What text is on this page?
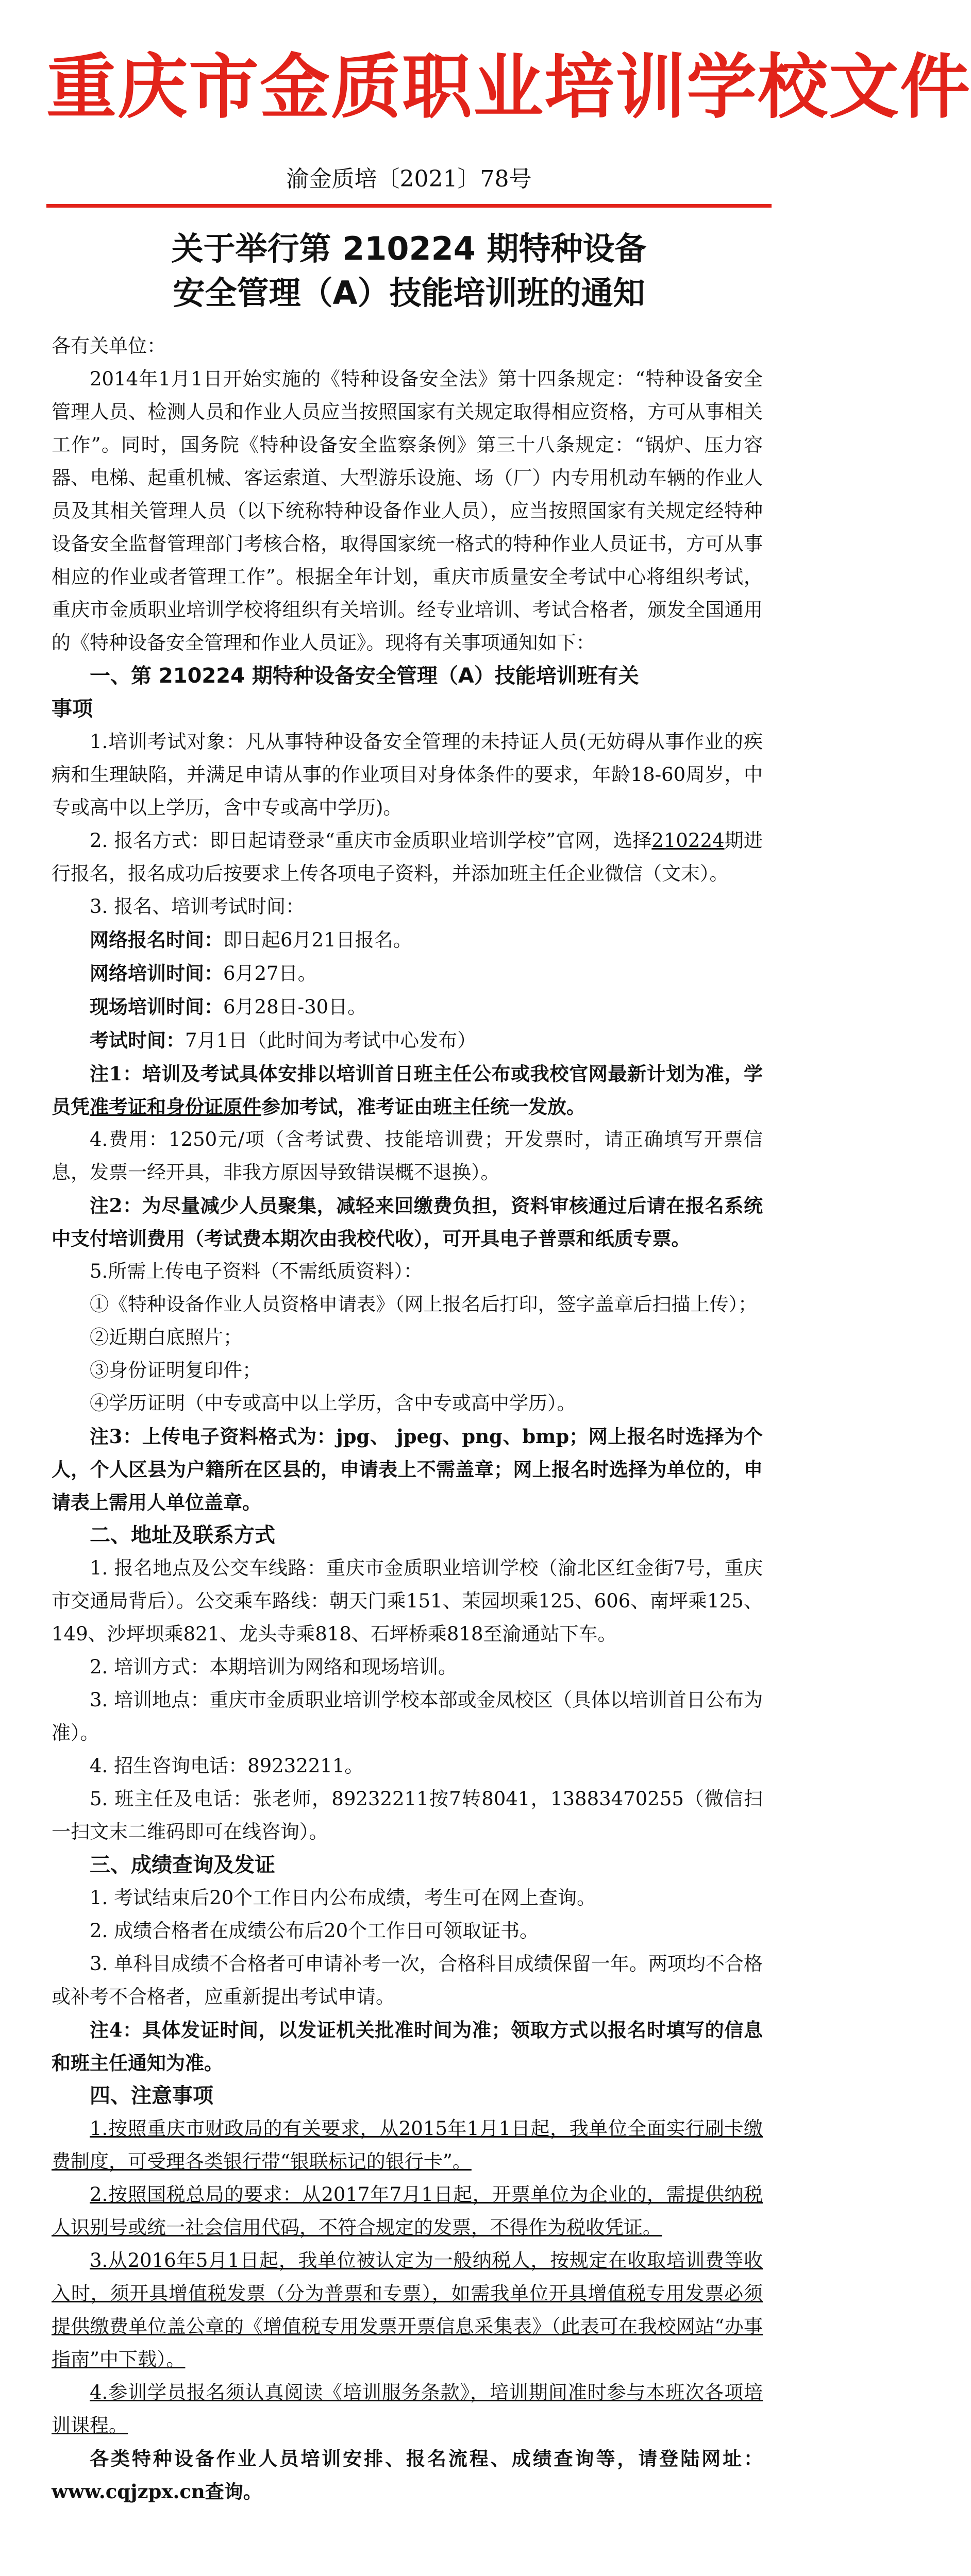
重庆市金质职业培训学校文件
渝金质培〔2021〕78号
关于举行第 210224 期特种设备
安全管理（A）技能培训班的通知

各有关单位：

2014年1月1日开始实施的《特种设备安全法》第十四条规定：“特种设备安全管理人员、检测人员和作业人员应当按照国家有关规定取得相应资格，方可从事相关工作”。同时，国务院《特种设备安全监察条例》第三十八条规定：“锅炉、压力容器、电梯、起重机械、客运索道、大型游乐设施、场（厂）内专用机动车辆的作业人员及其相关管理人员（以下统称特种设备作业人员），应当按照国家有关规定经特种设备安全监督管理部门考核合格，取得国家统一格式的特种作业人员证书，方可从事相应的作业或者管理工作”。根据全年计划，重庆市质量安全考试中心将组织考试，重庆市金质职业培训学校将组织有关培训。经专业培训、考试合格者，颁发全国通用的《特种设备安全管理和作业人员证》。现将有关事项通知如下：

一、第 210224 期特种设备安全管理（A）技能培训班有关

事项

1.培训考试对象：凡从事特种设备安全管理的未持证人员(无妨碍从事作业的疾病和生理缺陷，并满足申请从事的作业项目对身体条件的要求，年龄18-60周岁，中专或高中以上学历，含中专或高中学历)。

2. 报名方式：即日起请登录“重庆市金质职业培训学校”官网，选择210224期进行报名，报名成功后按要求上传各项电子资料，并添加班主任企业微信（文末）。

3. 报名、培训考试时间：

网络报名时间：即日起6月21日报名。

网络培训时间：6月27日。

现场培训时间：6月28日-30日。

考试时间：7月1日（此时间为考试中心发布）

注1：培训及考试具体安排以培训首日班主任公布或我校官网最新计划为准，学员凭准考证和身份证原件参加考试，准考证由班主任统一发放。

4.费用：1250元/项（含考试费、技能培训费；开发票时，请正确填写开票信息，发票一经开具，非我方原因导致错误概不退换）。

注2：为尽量减少人员聚集，减轻来回缴费负担，资料审核通过后请在报名系统中支付培训费用（考试费本期次由我校代收），可开具电子普票和纸质专票。

5.所需上传电子资料（不需纸质资料）：

①《特种设备作业人员资格申请表》（网上报名后打印，签字盖章后扫描上传）；

②近期白底照片；

③身份证明复印件；

④学历证明（中专或高中以上学历，含中专或高中学历）。

注3：上传电子资料格式为：jpg、 jpeg、png、bmp；网上报名时选择为个人，个人区县为户籍所在区县的，申请表上不需盖章；网上报名时选择为单位的，申请表上需用人单位盖章。

二、地址及联系方式

1. 报名地点及公交车线路：重庆市金质职业培训学校（渝北区红金街7号，重庆市交通局背后）。公交乘车路线：朝天门乘151、茉园坝乘125、606、南坪乘125、149、沙坪坝乘821、龙头寺乘818、石坪桥乘818至渝通站下车。

2. 培训方式：本期培训为网络和现场培训。

3. 培训地点：重庆市金质职业培训学校本部或金凤校区（具体以培训首日公布为准）。

4. 招生咨询电话：89232211。

5. 班主任及电话：张老师，89232211按7转8041，13883470255（微信扫一扫文末二维码即可在线咨询）。

三、成绩查询及发证

1. 考试结束后20个工作日内公布成绩，考生可在网上查询。

2. 成绩合格者在成绩公布后20个工作日可领取证书。

3. 单科目成绩不合格者可申请补考一次，合格科目成绩保留一年。两项均不合格或补考不合格者，应重新提出考试申请。

注4：具体发证时间，以发证机关批准时间为准；领取方式以报名时填写的信息和班主任通知为准。

四、注意事项

1.按照重庆市财政局的有关要求，从2015年1月1日起，我单位全面实行刷卡缴费制度，可受理各类银行带“银联标记的银行卡”。

2.按照国税总局的要求：从2017年7月1日起，开票单位为企业的，需提供纳税人识别号或统一社会信用代码，不符合规定的发票，不得作为税收凭证。

3.从2016年5月1日起，我单位被认定为一般纳税人，按规定在收取培训费等收入时，须开具增值税发票（分为普票和专票），如需我单位开具增值税专用发票必须提供缴费单位盖公章的《增值税专用发票开票信息采集表》（此表可在我校网站“办事指南”中下载）。

4.参训学员报名须认真阅读《培训服务条款》，培训期间准时参与本班次各项培训课程。

各类特种设备作业人员培训安排、报名流程、成绩查询等，请登陆网址：www.cqjzpx.cn查询。
